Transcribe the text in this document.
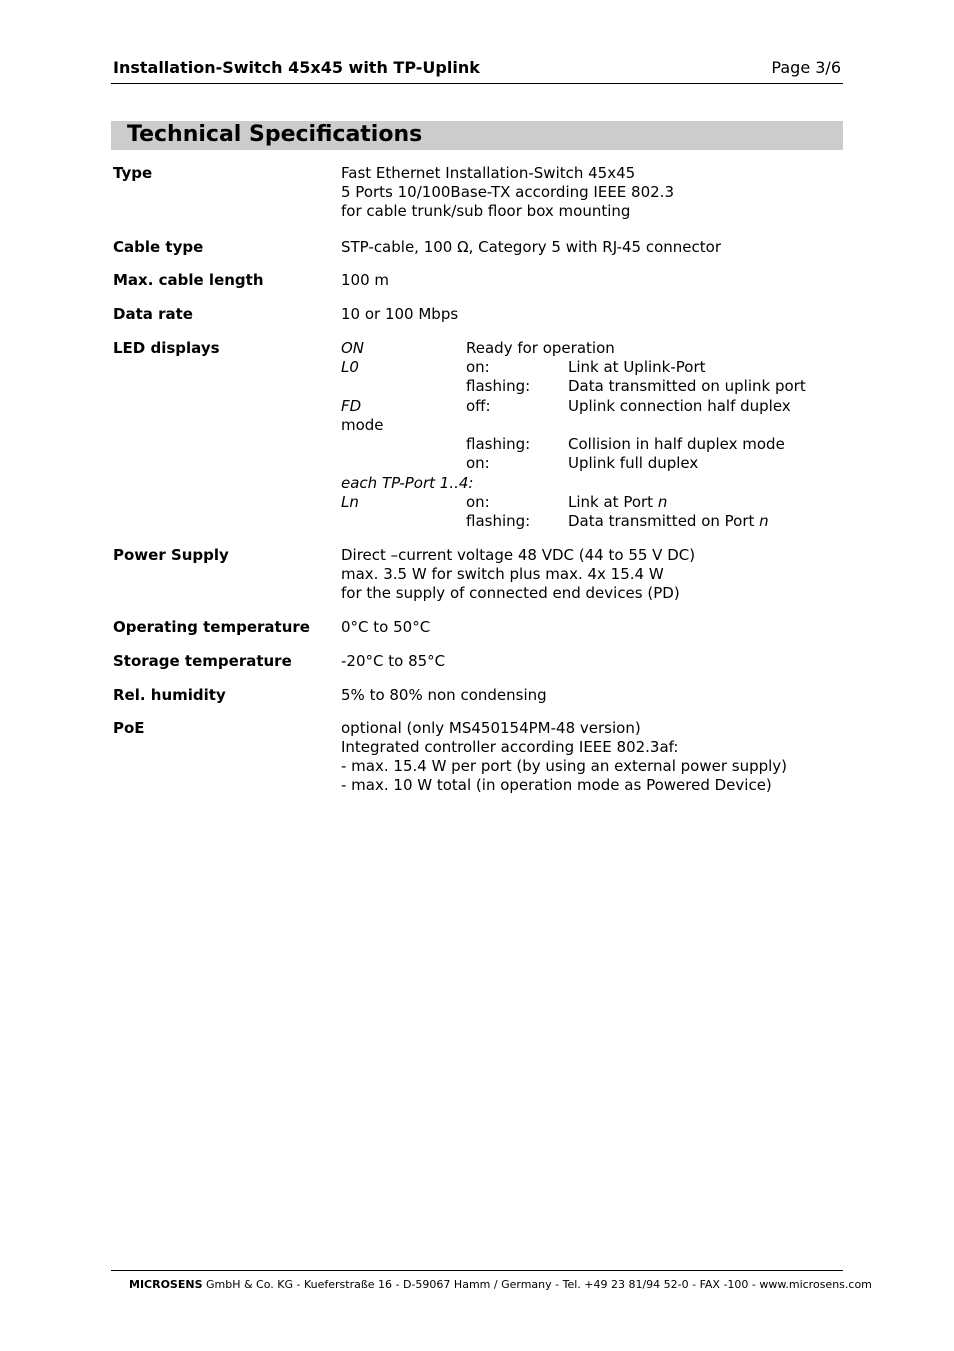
Installation-Switch 45x45 with TP-Uplink	Page 3/6
Technical Specifications
Type	Fast Ethernet Installation-Switch 45x45
5 Ports 10/100Base-TX according IEEE 802.3
for cable trunk/sub floor box mounting
Cable type	STP-cable, 100 Ω, Category 5 with RJ-45 connector
Max. cable length	100 m
Data rate	10 or 100 Mbps
LED displays	ON	Ready for operation
L0	on:	Link at Uplink-Port
flashing:	Data transmitted on uplink port
FD	off:	Uplink connection half duplex
mode
flashing:	Collision in half duplex mode
on:	Uplink full duplex
each TP-Port 1..4:
Ln	on:	Link at Port n
flashing:	Data transmitted on Port n
Power Supply	Direct –current voltage 48 VDC (44 to 55 V DC)
max. 3.5 W for switch plus max. 4x 15.4 W
for the supply of connected end devices (PD)
Operating temperature 0°C to 50°C
Storage temperature	-20°C to 85°C
Rel. humidity	5% to 80% non condensing
PoE	optional (only MS450154PM-48 version)
Integrated controller according IEEE 802.3af:
- max. 15.4 W per port (by using an external power supply)
- max. 10 W total (in operation mode as Powered Device)
MICROSENS GmbH & Co. KG - Kueferstraße 16 - D-59067 Hamm / Germany - Tel. +49 23 81/94 52-0 - FAX -100 - www.microsens.com
